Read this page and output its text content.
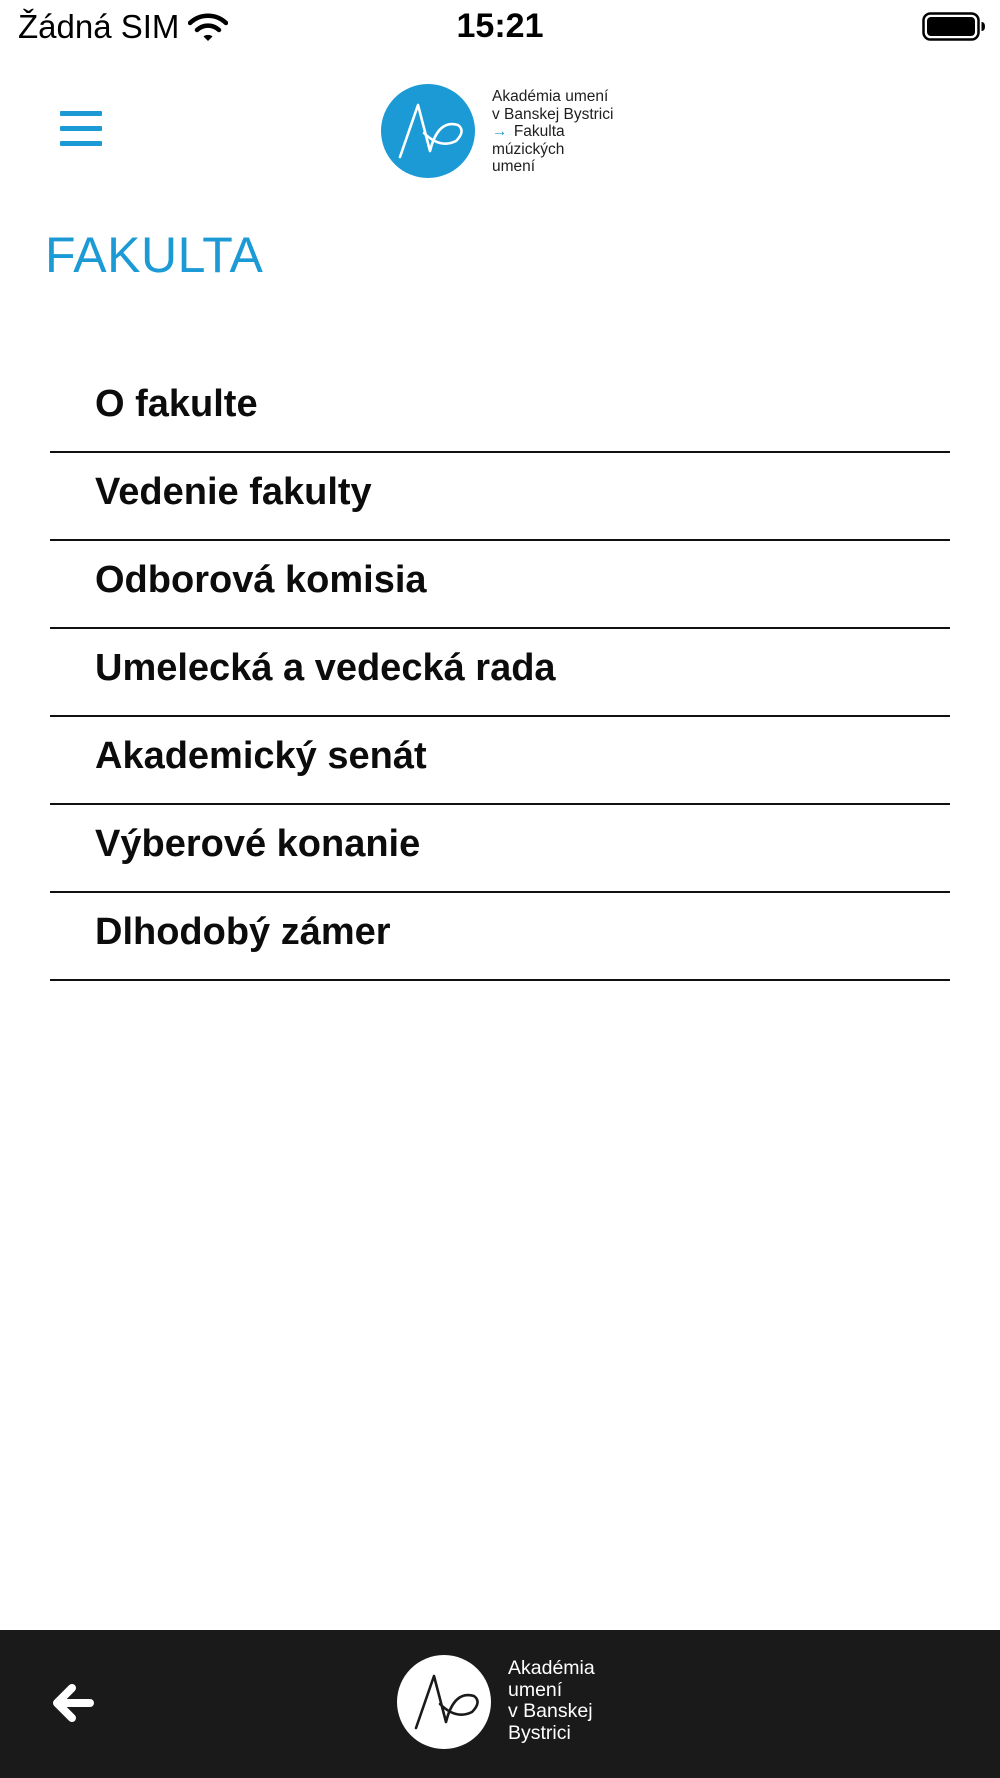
Žádná SIM	15:21
Akadémia umení
v Banskej Bystrici
→ Fakulta
múzických
umení
FAKULTA
O fakulte
Vedenie fakulty
Odborová komisia
Umelecká a vedecká rada
Akademický senát
Výberové konanie
Dlhodobý zámer
Akadémia
umení
v Banskej
Bystrici
